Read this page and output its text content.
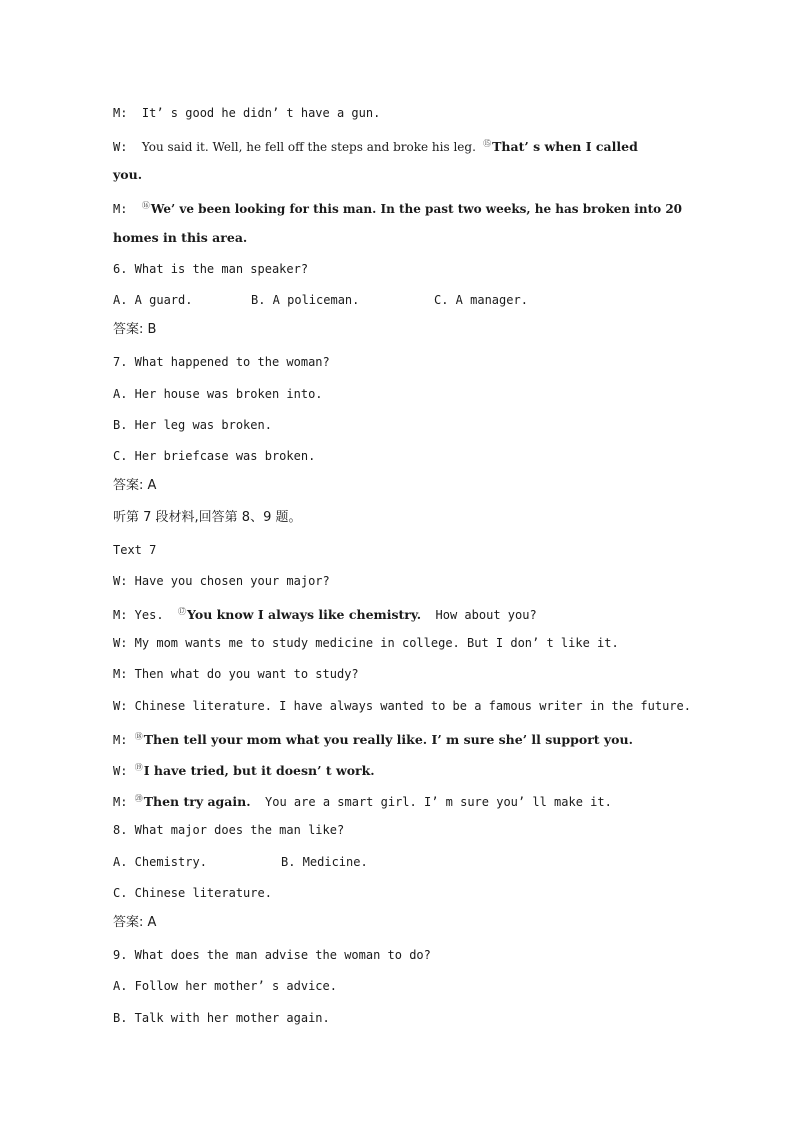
M: It’ s good he didn’ t have a gun.
W: You said it. Well, he fell off the steps and broke his leg. ⑮That’ s when I called
you.
M: ⑯We’ ve been looking for this man. In the past two weeks, he has broken into 20
homes in this area.
6. What is the man speaker?
A. A guard.	B. A policeman.	C. A manager.
答案: B
7. What happened to the woman?
A. Her house was broken into.
B. Her leg was broken.
C. Her briefcase was broken.
答案: A
听第 7 段材料,回答第 8、9 题。
Text 7
W: Have you chosen your major?
M: Yes. ⑰You know I always like chemistry. How about you?
W: My mom wants me to study medicine in college. But I don’ t like it.
M: Then what do you want to study?
W: Chinese literature. I have always wanted to be a famous writer in the future.
M: ⑱Then tell your mom what you really like. I’ m sure she’ ll support you.
W: ⑲I have tried, but it doesn’ t work.
M: ⑳Then try again. You are a smart girl. I’ m sure you’ ll make it.
8. What major does the man like?
A. Chemistry.	B. Medicine.
C. Chinese literature.
答案: A
9. What does the man advise the woman to do?
A. Follow her mother’ s advice.
B. Talk with her mother again.
